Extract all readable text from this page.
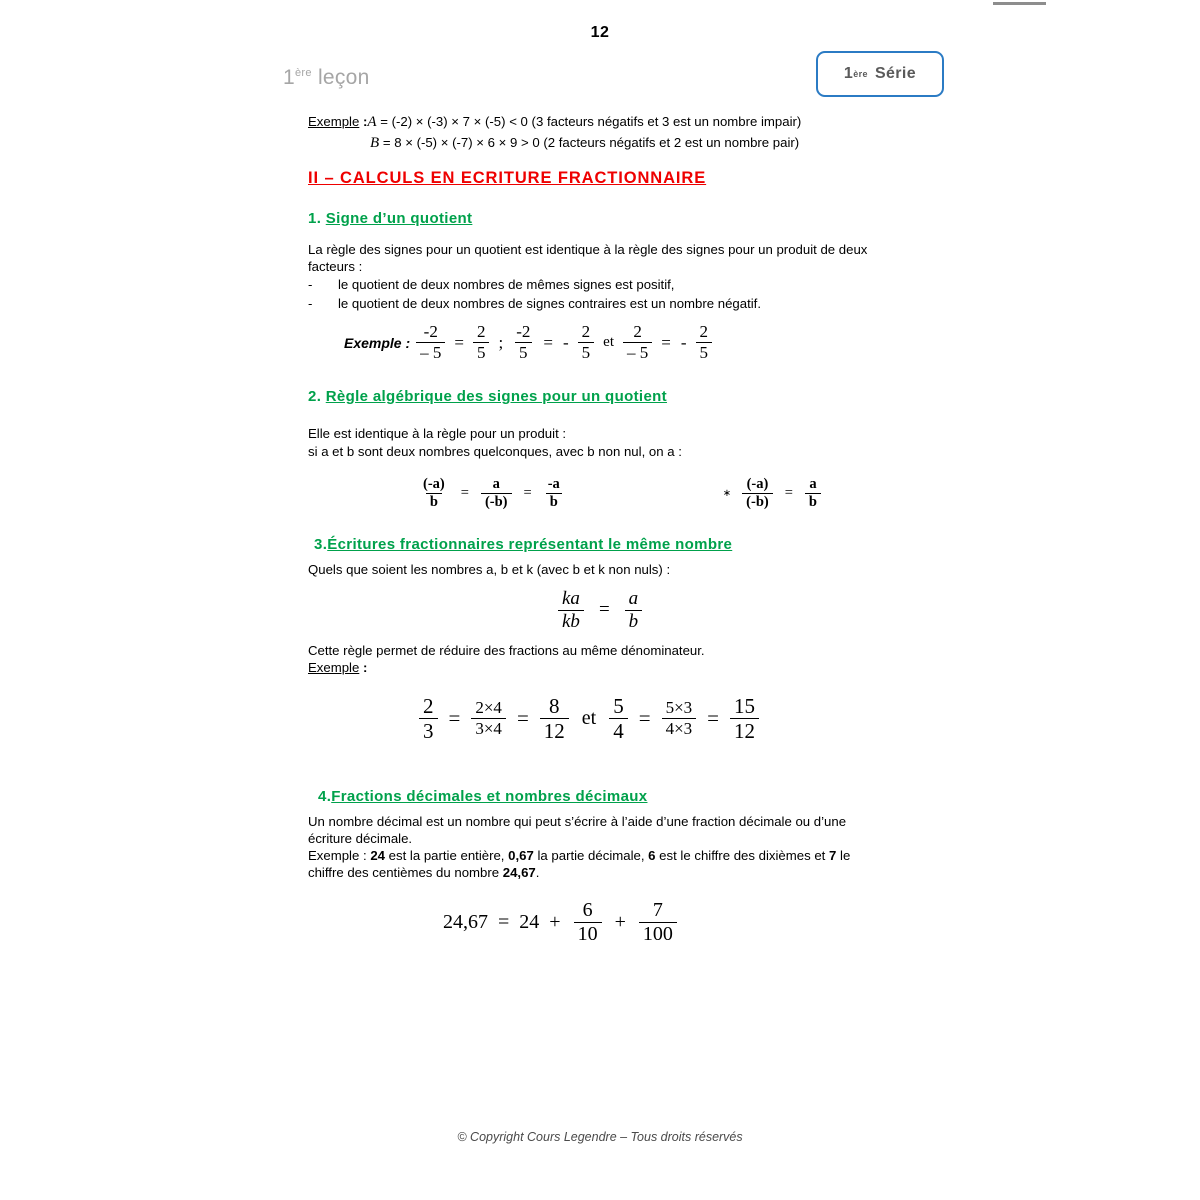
12
1ère leçon	1 ère Série
Exemple :A = (-2) × (-3) × 7 × (-5) < 0 (3 facteurs négatifs et 3 est un nombre impair)
B = 8 × (-5) × (-7) × 6 × 9 > 0 (2 facteurs négatifs et 2 est un nombre pair)
II – CALCULS EN ECRITURE FRACTIONNAIRE
1. Signe d’un quotient

La règle des signes pour un quotient est identique à la règle des signes pour un produit de deux
facteurs :

-	le quotient de deux nombres de mêmes signes est positif,
-	le quotient de deux nombres de signes contraires est un nombre négatif.
Exemple : $\frac{-2}{- 5} = \frac{2}{5}$ ; $\frac{-2}{5}$ = - $\frac{2}{5}$ et $\frac{2}{- 5}$ = - $\frac{2}{5}$
2. Règle algébrique des signes pour un quotient

Elle est identique à la règle pour un produit :
si a et b sont deux nombres quelconques, avec b non nul, on a :

$\frac{(-a)}{b} = \frac{a}{(-b)} = \frac{-a}{b}$	∗ $\frac{(-a)}{(-b)} = \frac{a}{b}$
3.Écritures fractionnaires représentant le même nombre

Quels que soient les nombres a, b et k (avec b et k non nuls) :

$\frac{ka}{kb} = \frac{a}{b}$

Cette règle permet de réduire des fractions au même dénominateur.

Exemple :

$\frac{2}{3} = \frac{2\times 4}{3\times 4} = \frac{8}{12}$ et $\frac{5}{4} = \frac{5\times 3}{4\times 3} = \frac{15}{12}$
4.Fractions décimales et nombres décimaux

Un nombre décimal est un nombre qui peut s’écrire à l’aide d’une fraction décimale ou d’une
écriture décimale.

Exemple : 24 est la partie entière, 0,67 la partie décimale, 6 est le chiffre des dixièmes et 7 le
chiffre des centièmes du nombre 24,67.

$24,67 = 24 + \frac{6}{10} + \frac{7}{100}$
© Copyright Cours Legendre – Tous droits réservés
